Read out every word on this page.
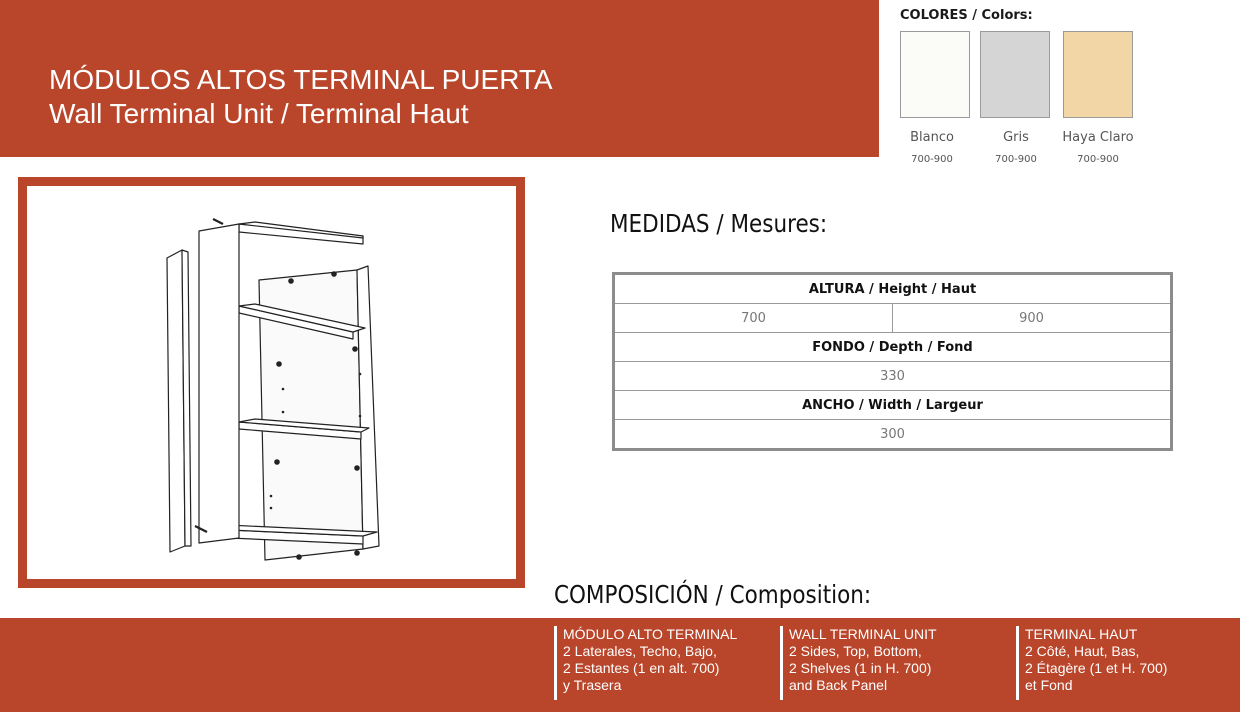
MÓDULOS ALTOS TERMINAL PUERTA
Wall Terminal Unit / Terminal Haut
COLORES / Colors:
Blanco
700-900
Gris
700-900
Haya Claro
700-900
MEDIDAS / Mesures:
ALTURA / Height / Haut
700	900
FONDO / Depth / Fond
330
ANCHO / Width / Largeur
300
COMPOSICIÓN / Composition:
MÓDULO ALTO TERMINAL
2 Laterales, Techo, Bajo,
2 Estantes (1 en alt. 700)
y Trasera
WALL TERMINAL UNIT
2 Sides, Top, Bottom,
2 Shelves (1 in H. 700)
and Back Panel
TERMINAL HAUT
2 Côté, Haut, Bas,
2 Étagère (1 et H. 700)
et Fond
